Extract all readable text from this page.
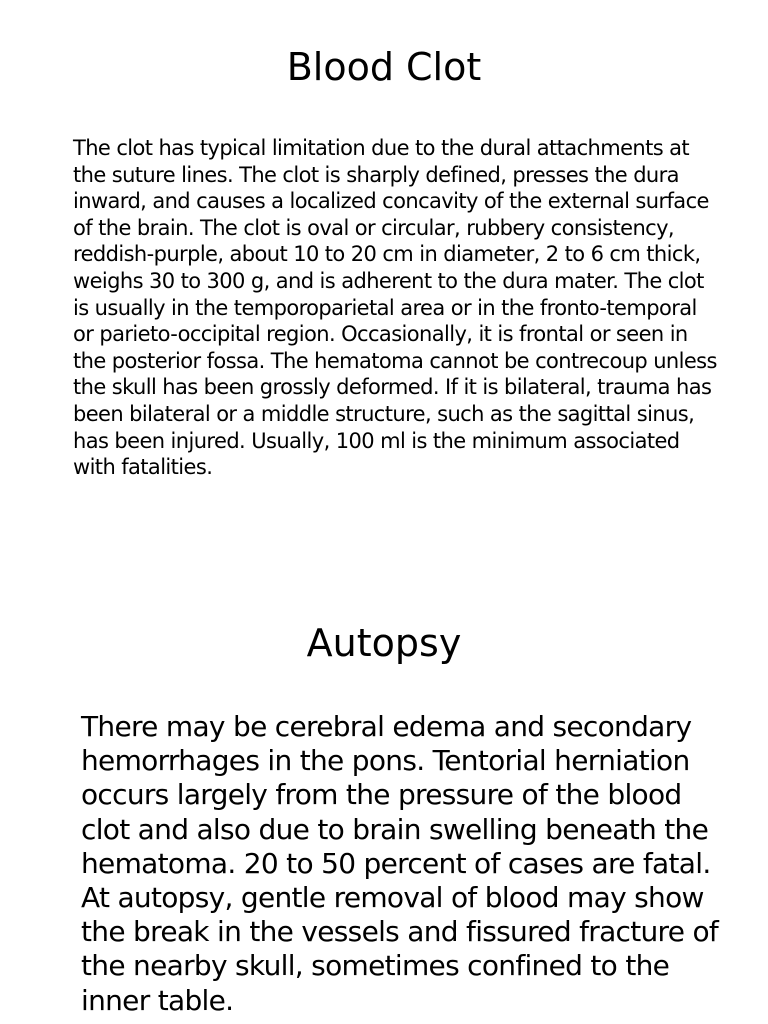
Blood Clot

The clot has typical limitation due to the dural attachments at the suture lines. The clot is sharply defined, presses the dura inward, and causes a localized concavity of the external surface of the brain. The clot is oval or circular, rubbery consistency, reddish-purple, about 10 to 20 cm in diameter, 2 to 6 cm thick, weighs 30 to 300 g, and is adherent to the dura mater. The clot is usually in the temporoparietal area or in the fronto-temporal or parieto-occipital region. Occasionally, it is frontal or seen in the posterior fossa. The hematoma cannot be contrecoup unless the skull has been grossly deformed. If it is bilateral, trauma has been bilateral or a middle structure, such as the sagittal sinus, has been injured. Usually, 100 ml is the minimum associated with fatalities.

Autopsy

There may be cerebral edema and secondary hemorrhages in the pons. Tentorial herniation occurs largely from the pressure of the blood clot and also due to brain swelling beneath the hematoma. 20 to 50 percent of cases are fatal. At autopsy, gentle removal of blood may show the break in the vessels and fissured fracture of the nearby skull, sometimes confined to the inner table.
